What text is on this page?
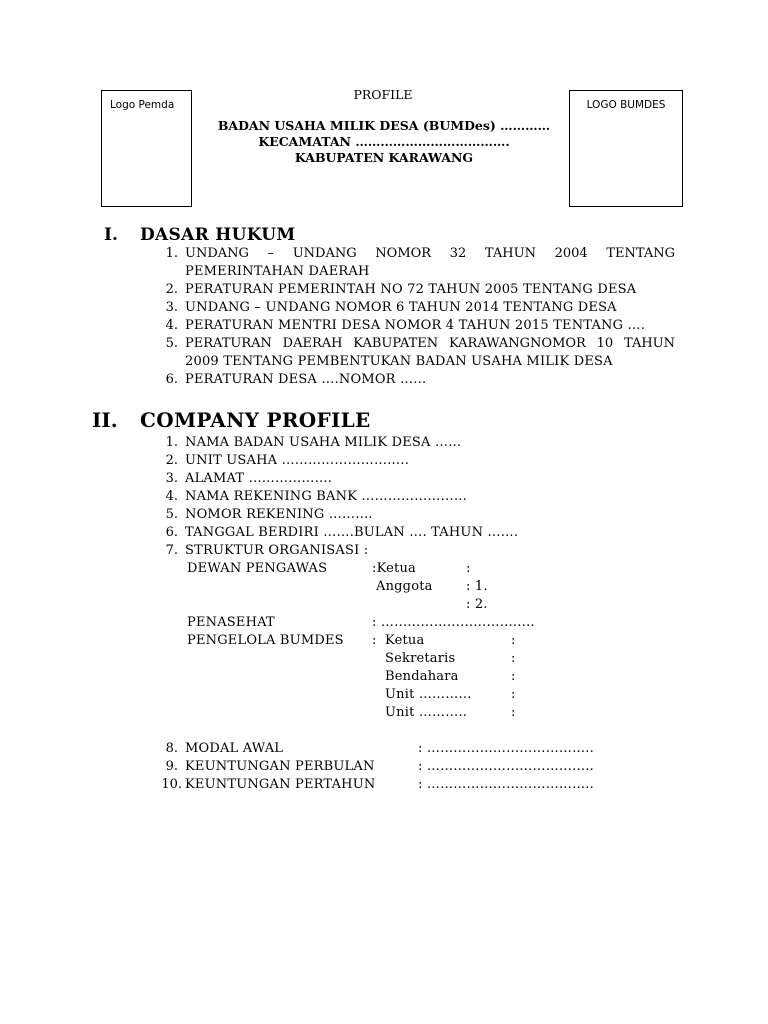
Logo Pemda	LOGO BUMDES
PROFILE
BADAN USAHA MILIK DESA (BUMDes) …………
KECAMATAN ……………………………….
KABUPATEN KARAWANG
I. DASAR HUKUM
1. UNDANG – UNDANG NOMOR 32 TAHUN 2004 TENTANG
PEMERINTAHAN DAERAH
2. PERATURAN PEMERINTAH NO 72 TAHUN 2005 TENTANG DESA
3. UNDANG – UNDANG NOMOR 6 TAHUN 2014 TENTANG DESA
4. PERATURAN MENTRI DESA NOMOR 4 TAHUN 2015 TENTANG ….
5. PERATURAN DAERAH KABUPATEN KARAWANGNOMOR 10 TAHUN
2009 TENTANG PEMBENTUKAN BADAN USAHA MILIK DESA
6. PERATURAN DESA ….NOMOR ……
II. COMPANY PROFILE
1. NAMA BADAN USAHA MILIK DESA ……
2. UNIT USAHA ………………………..
3. ALAMAT ……………….
4. NAMA REKENING BANK ……………………
5. NOMOR REKENING ……….
6. TANGGAL BERDIRI …….BULAN …. TAHUN …….
7. STRUKTUR ORGANISASI :
DEWAN PENGAWAS	:Ketua	:
Anggota	: 1.
: 2.
PENASEHAT	: ……………………………..
PENGELOLA BUMDES : Ketua	:
Sekretaris	:
Bendahara	:
Unit …………	:
Unit ………..	:
8. MODAL AWAL	: ………………………………..
9. KEUNTUNGAN PERBULAN	: ………………………………..
10. KEUNTUNGAN PERTAHUN	: ………………………………..
